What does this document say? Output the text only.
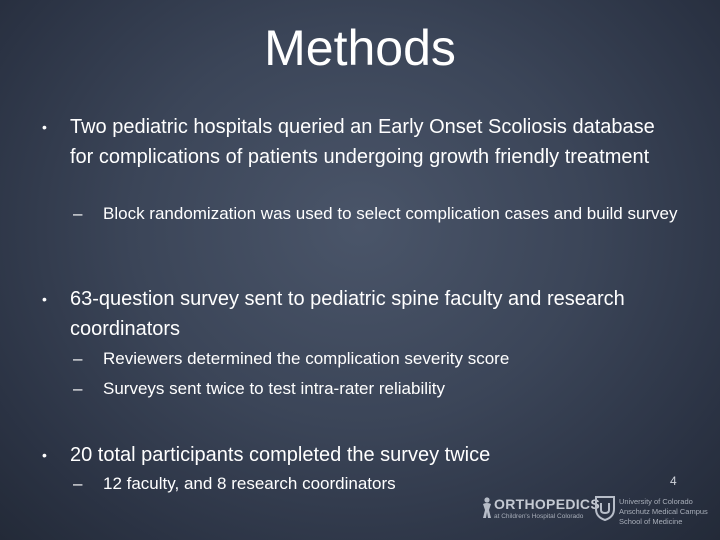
Methods
• Two pediatric hospitals queried an Early Onset Scoliosis database for complications of patients undergoing growth friendly treatment
– Block randomization was used to select complication cases and build survey
• 63-question survey sent to pediatric spine faculty and research coordinators
– Reviewers determined the complication severity score
– Surveys sent twice to test intra-rater reliability
• 20 total participants completed the survey twice
– 12 faculty, and 8 research coordinators	4
ORTHOPEDICS
at Children's Hospital Colorado
University of Colorado
Anschutz Medical Campus
School of Medicine
